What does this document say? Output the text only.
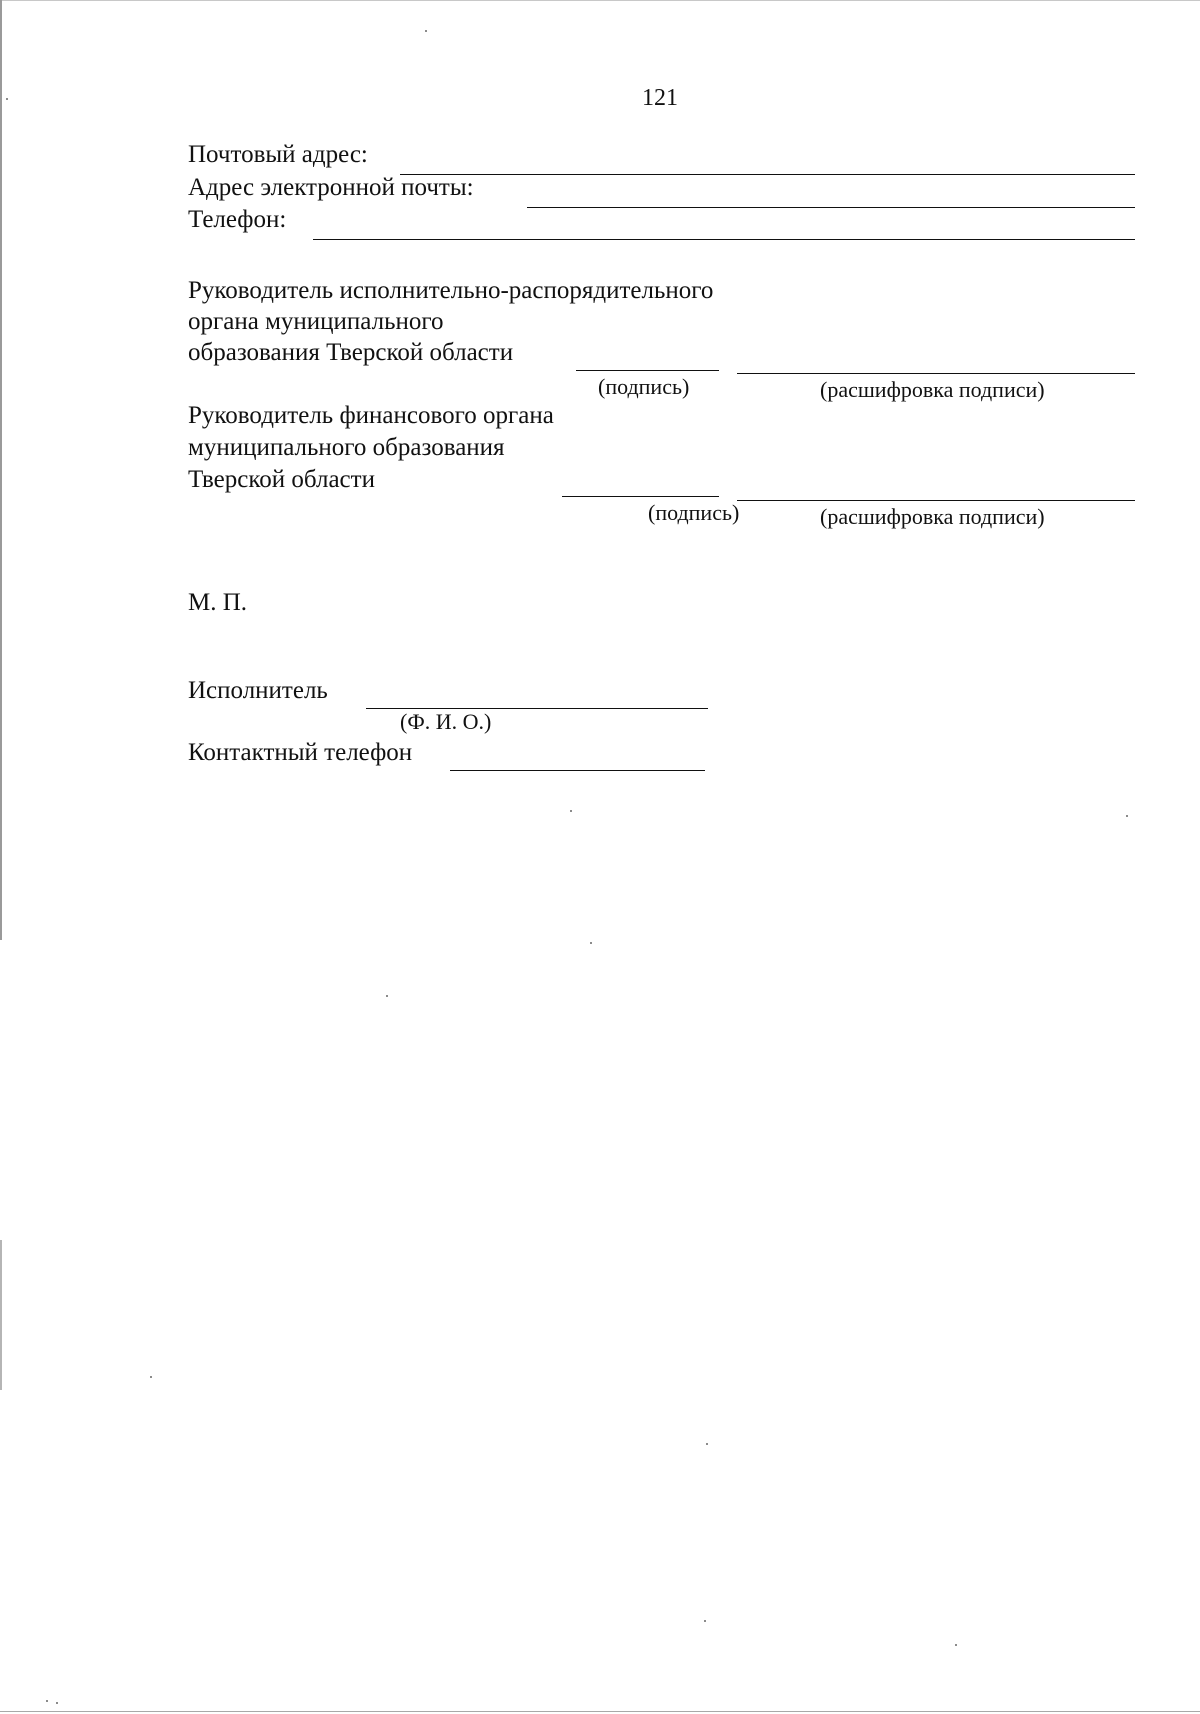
121
Почтовый адрес:
Адрес электронной почты:
Телефон:
Руководитель исполнительно-распорядительного
органа муниципального
образования Тверской области
(подпись)	(расшифровка подписи)
Руководитель финансового органа
муниципального образования
Тверской области
(подпись)	(расшифровка подписи)
М. П.
Исполнитель
(Ф. И. О.)
Контактный телефон
